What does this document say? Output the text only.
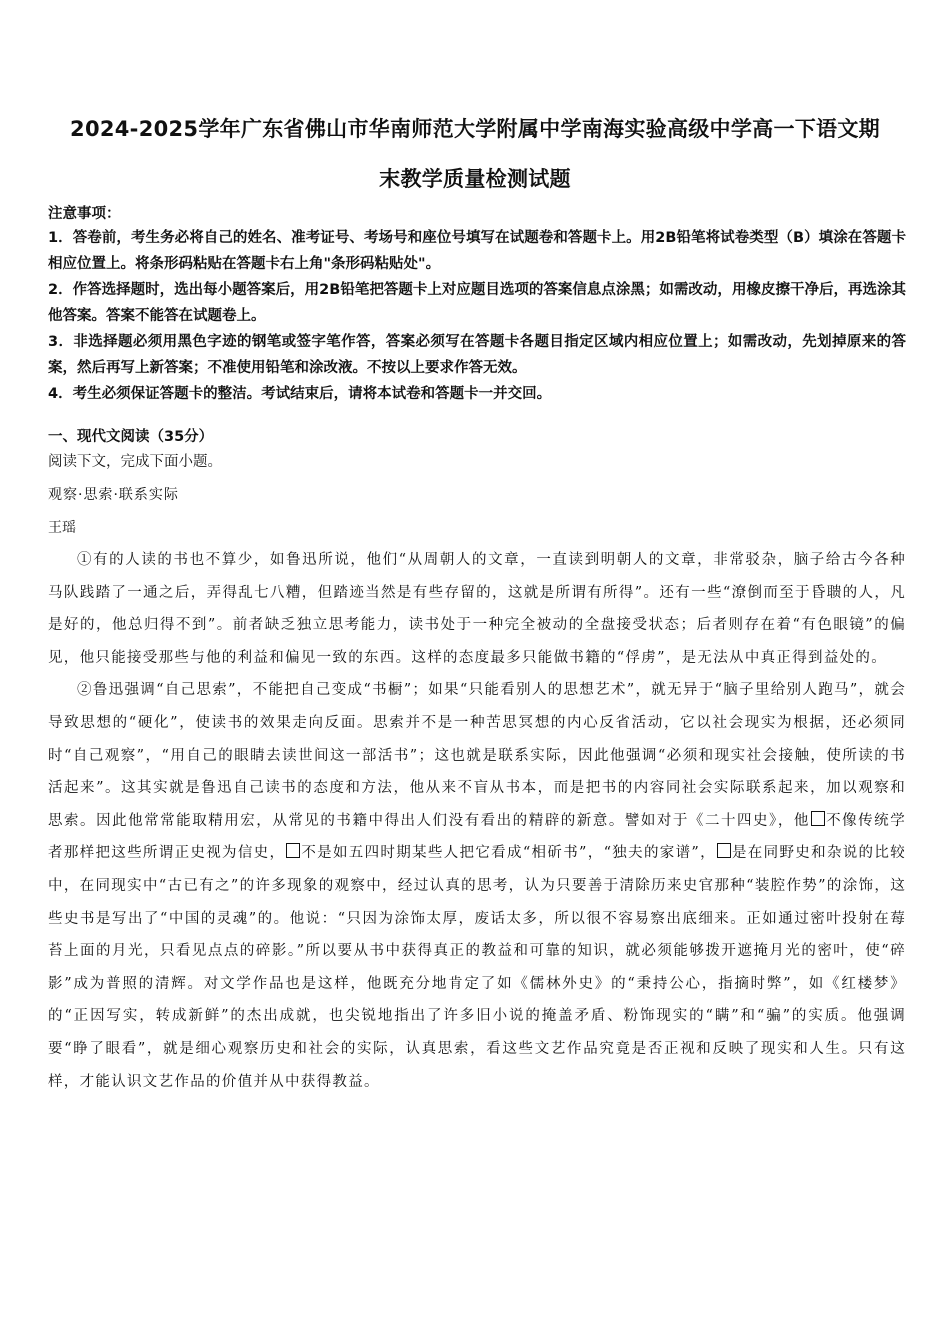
2024-2025学年广东省佛山市华南师范大学附属中学南海实验高级中学高一下语文期
末教学质量检测试题
注意事项：

1．答卷前，考生务必将自己的姓名、准考证号、考场号和座位号填写在试题卷和答题卡上。用2B铅笔将试卷类型（B）填涂在答题卡相应位置上。将条形码粘贴在答题卡右上角"条形码粘贴处"。

2．作答选择题时，选出每小题答案后，用2B铅笔把答题卡上对应题目选项的答案信息点涂黑；如需改动，用橡皮擦干净后，再选涂其他答案。答案不能答在试题卷上。

3．非选择题必须用黑色字迹的钢笔或签字笔作答，答案必须写在答题卡各题目指定区域内相应位置上；如需改动，先划掉原来的答案，然后再写上新答案；不准使用铅笔和涂改液。不按以上要求作答无效。

4．考生必须保证答题卡的整洁。考试结束后，请将本试卷和答题卡一并交回。

一、现代文阅读（35分）
阅读下文，完成下面小题。
观察·思索·联系实际
王瑶

①有的人读的书也不算少，如鲁迅所说，他们“从周朝人的文章，一直读到明朝人的文章，非常驳杂，脑子给古今各种马队践踏了一通之后，弄得乱七八糟，但踏迹当然是有些存留的，这就是所谓有所得”。还有一些“潦倒而至于昏聩的人，凡是好的，他总归得不到”。前者缺乏独立思考能力，读书处于一种完全被动的全盘接受状态；后者则存在着“有色眼镜”的偏见，他只能接受那些与他的利益和偏见一致的东西。这样的态度最多只能做书籍的“俘虏”，是无法从中真正得到益处的。

②鲁迅强调“自己思索”，不能把自己变成“书橱”；如果“只能看别人的思想艺术”，就无异于“脑子里给别人跑马”，就会导致思想的“硬化”，使读书的效果走向反面。思索并不是一种苦思冥想的内心反省活动，它以社会现实为根据，还必须同时“自己观察”，“用自己的眼睛去读世间这一部活书”；这也就是联系实际，因此他强调“必须和现实社会接触，使所读的书活起来”。这其实就是鲁迅自己读书的态度和方法，他从来不盲从书本，而是把书的内容同社会实际联系起来，加以观察和思索。因此他常常能取精用宏，从常见的书籍中得出人们没有看出的精辟的新意。譬如对于《二十四史》，他 不像传统学者那样把这些所谓正史视为信史， 不是如五四时期某些人把它看成“相斫书”，“独夫的家谱”， 是在同野史和杂说的比较中，在同现实中“古已有之”的许多现象的观察中，经过认真的思考，认为只要善于清除历来史官那种“装腔作势”的涂饰，这些史书是写出了“中国的灵魂”的。他说：“只因为涂饰太厚，废话太多，所以很不容易察出底细来。正如通过密叶投射在莓苔上面的月光，只看见点点的碎影。”所以要从书中获得真正的教益和可靠的知识，就必须能够拨开遮掩月光的密叶，使“碎影”成为普照的清辉。对文学作品也是这样，他既充分地肯定了如《儒林外史》的“秉持公心，指摘时弊”，如《红楼梦》的“正因写实，转成新鲜”的杰出成就，也尖锐地指出了许多旧小说的掩盖矛盾、粉饰现实的“瞒”和“骗”的实质。他强调要“睁了眼看”，就是细心观察历史和社会的实际，认真思索，看这些文艺作品究竟是否正视和反映了现实和人生。只有这样，才能认识文艺作品的价值并从中获得教益。
